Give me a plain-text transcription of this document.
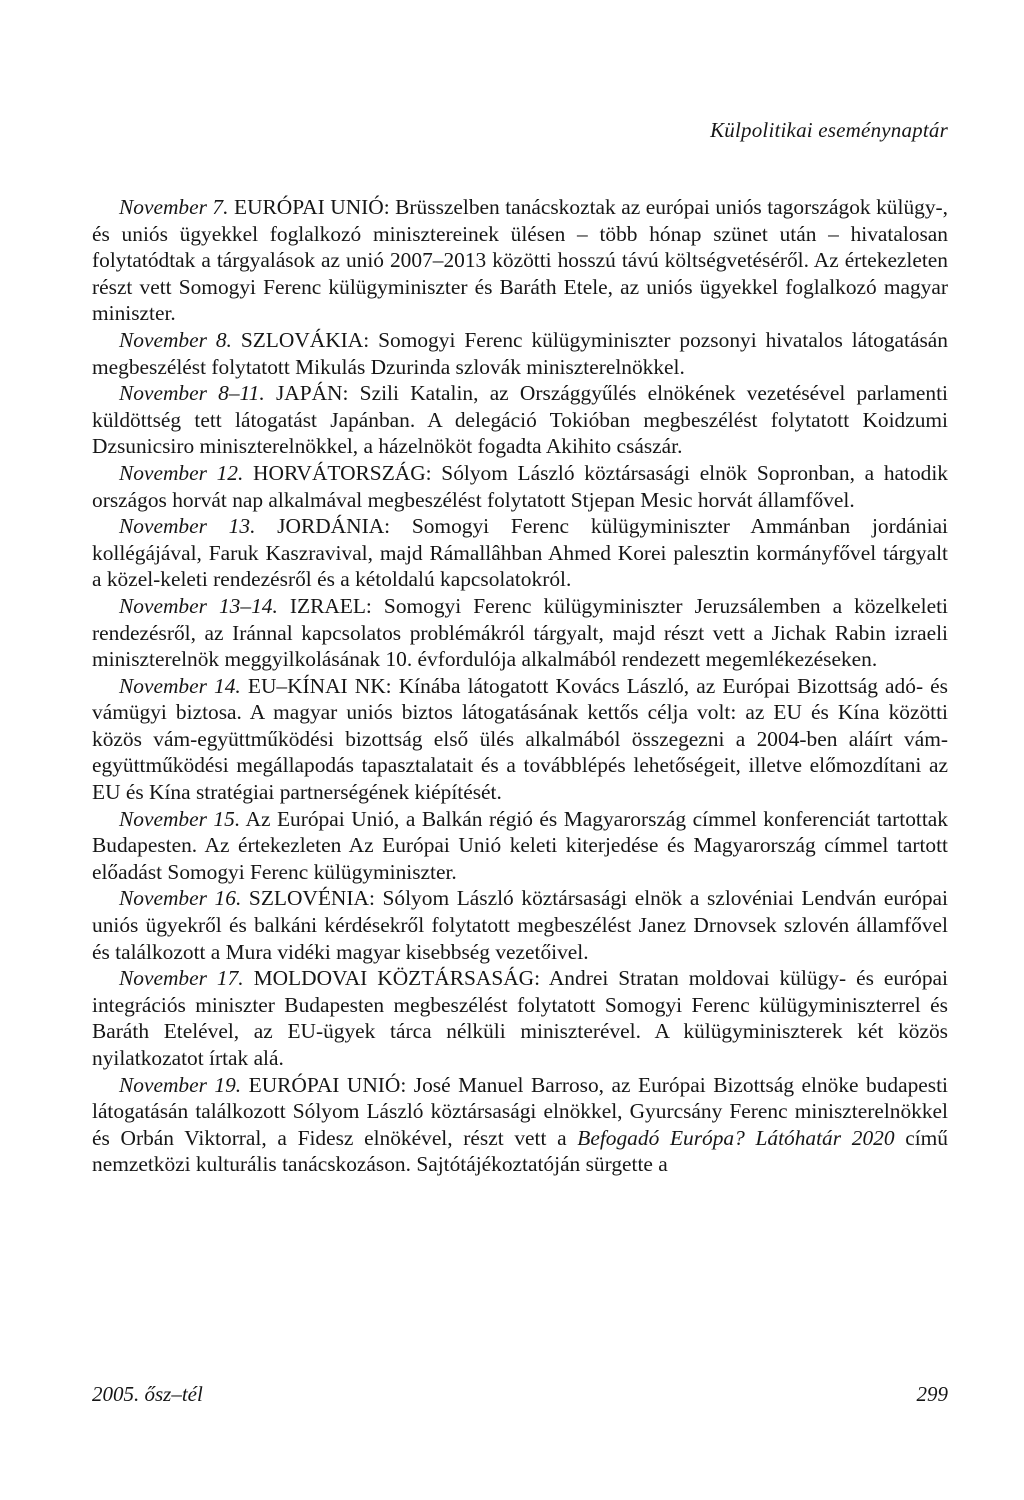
Külpolitikai eseménynaptár

November 7. EURÓPAI UNIÓ: Brüsszelben tanácskoztak az európai uniós tagországok külügy-, és uniós ügyekkel foglalkozó minisztereinek ülésen – több hónap szünet után – hivatalosan folytatódtak a tárgyalások az unió 2007–2013 közötti hosszú távú költségvetéséről. Az értekezleten részt vett Somogyi Ferenc külügyminiszter és Baráth Etele, az uniós ügyekkel foglalkozó magyar miniszter.

November 8. SZLOVÁKIA: Somogyi Ferenc külügyminiszter pozsonyi hivatalos látogatásán megbeszélést folytatott Mikulás Dzurinda szlovák miniszterelnökkel.

November 8–11. JAPÁN: Szili Katalin, az Országgyűlés elnökének vezetésével parlamenti küldöttség tett látogatást Japánban. A delegáció Tokióban megbeszélést folytatott Koidzumi Dzsunicsiro miniszterelnökkel, a házelnököt fogadta Akihito császár.

November 12. HORVÁTORSZÁG: Sólyom László köztársasági elnök Sopronban, a hatodik országos horvát nap alkalmával megbeszélést folytatott Stjepan Mesic horvát államfővel.

November 13. JORDÁNIA: Somogyi Ferenc külügyminiszter Ammánban jordániai kollégájával, Faruk Kaszravival, majd Rámallâhban Ahmed Korei palesztin kormányfővel tárgyalt a közel-keleti rendezésről és a kétoldalú kapcsolatokról.

November 13–14. IZRAEL: Somogyi Ferenc külügyminiszter Jeruzsálemben a közelkeleti rendezésről, az Iránnal kapcsolatos problémákról tárgyalt, majd részt vett a Jichak Rabin izraeli miniszterelnök meggyilkolásának 10. évfordulója alkalmából rendezett megemlékezéseken.

November 14. EU–KÍNAI NK: Kínába látogatott Kovács László, az Európai Bizottság adó- és vámügyi biztosa. A magyar uniós biztos látogatásának kettős célja volt: az EU és Kína közötti közös vám-együttműködési bizottság első ülés alkalmából összegezni a 2004-ben aláírt vám-együttműködési megállapodás tapasztalatait és a továbblépés lehetőségeit, illetve előmozdítani az EU és Kína stratégiai partnerségének kiépítését.

November 15. Az Európai Unió, a Balkán régió és Magyarország címmel konferenciát tartottak Budapesten. Az értekezleten Az Európai Unió keleti kiterjedése és Magyarország címmel tartott előadást Somogyi Ferenc külügyminiszter.

November 16. SZLOVÉNIA: Sólyom László köztársasági elnök a szlovéniai Lendván európai uniós ügyekről és balkáni kérdésekről folytatott megbeszélést Janez Drnovsek szlovén államfővel és találkozott a Mura vidéki magyar kisebbség vezetőivel.

November 17. MOLDOVAI KÖZTÁRSASÁG: Andrei Stratan moldovai külügy- és európai integrációs miniszter Budapesten megbeszélést folytatott Somogyi Ferenc külügyminiszterrel és Baráth Etelével, az EU-ügyek tárca nélküli miniszterével. A külügyminiszterek két közös nyilatkozatot írtak alá.

November 19. EURÓPAI UNIÓ: José Manuel Barroso, az Európai Bizottság elnöke budapesti látogatásán találkozott Sólyom László köztársasági elnökkel, Gyurcsány Ferenc miniszterelnökkel és Orbán Viktorral, a Fidesz elnökével, részt vett a Befogadó Európa? Látóhatár 2020 című nemzetközi kulturális tanácskozáson. Sajtótájékoztatóján sürgette a

2005. ősz–tél	299
